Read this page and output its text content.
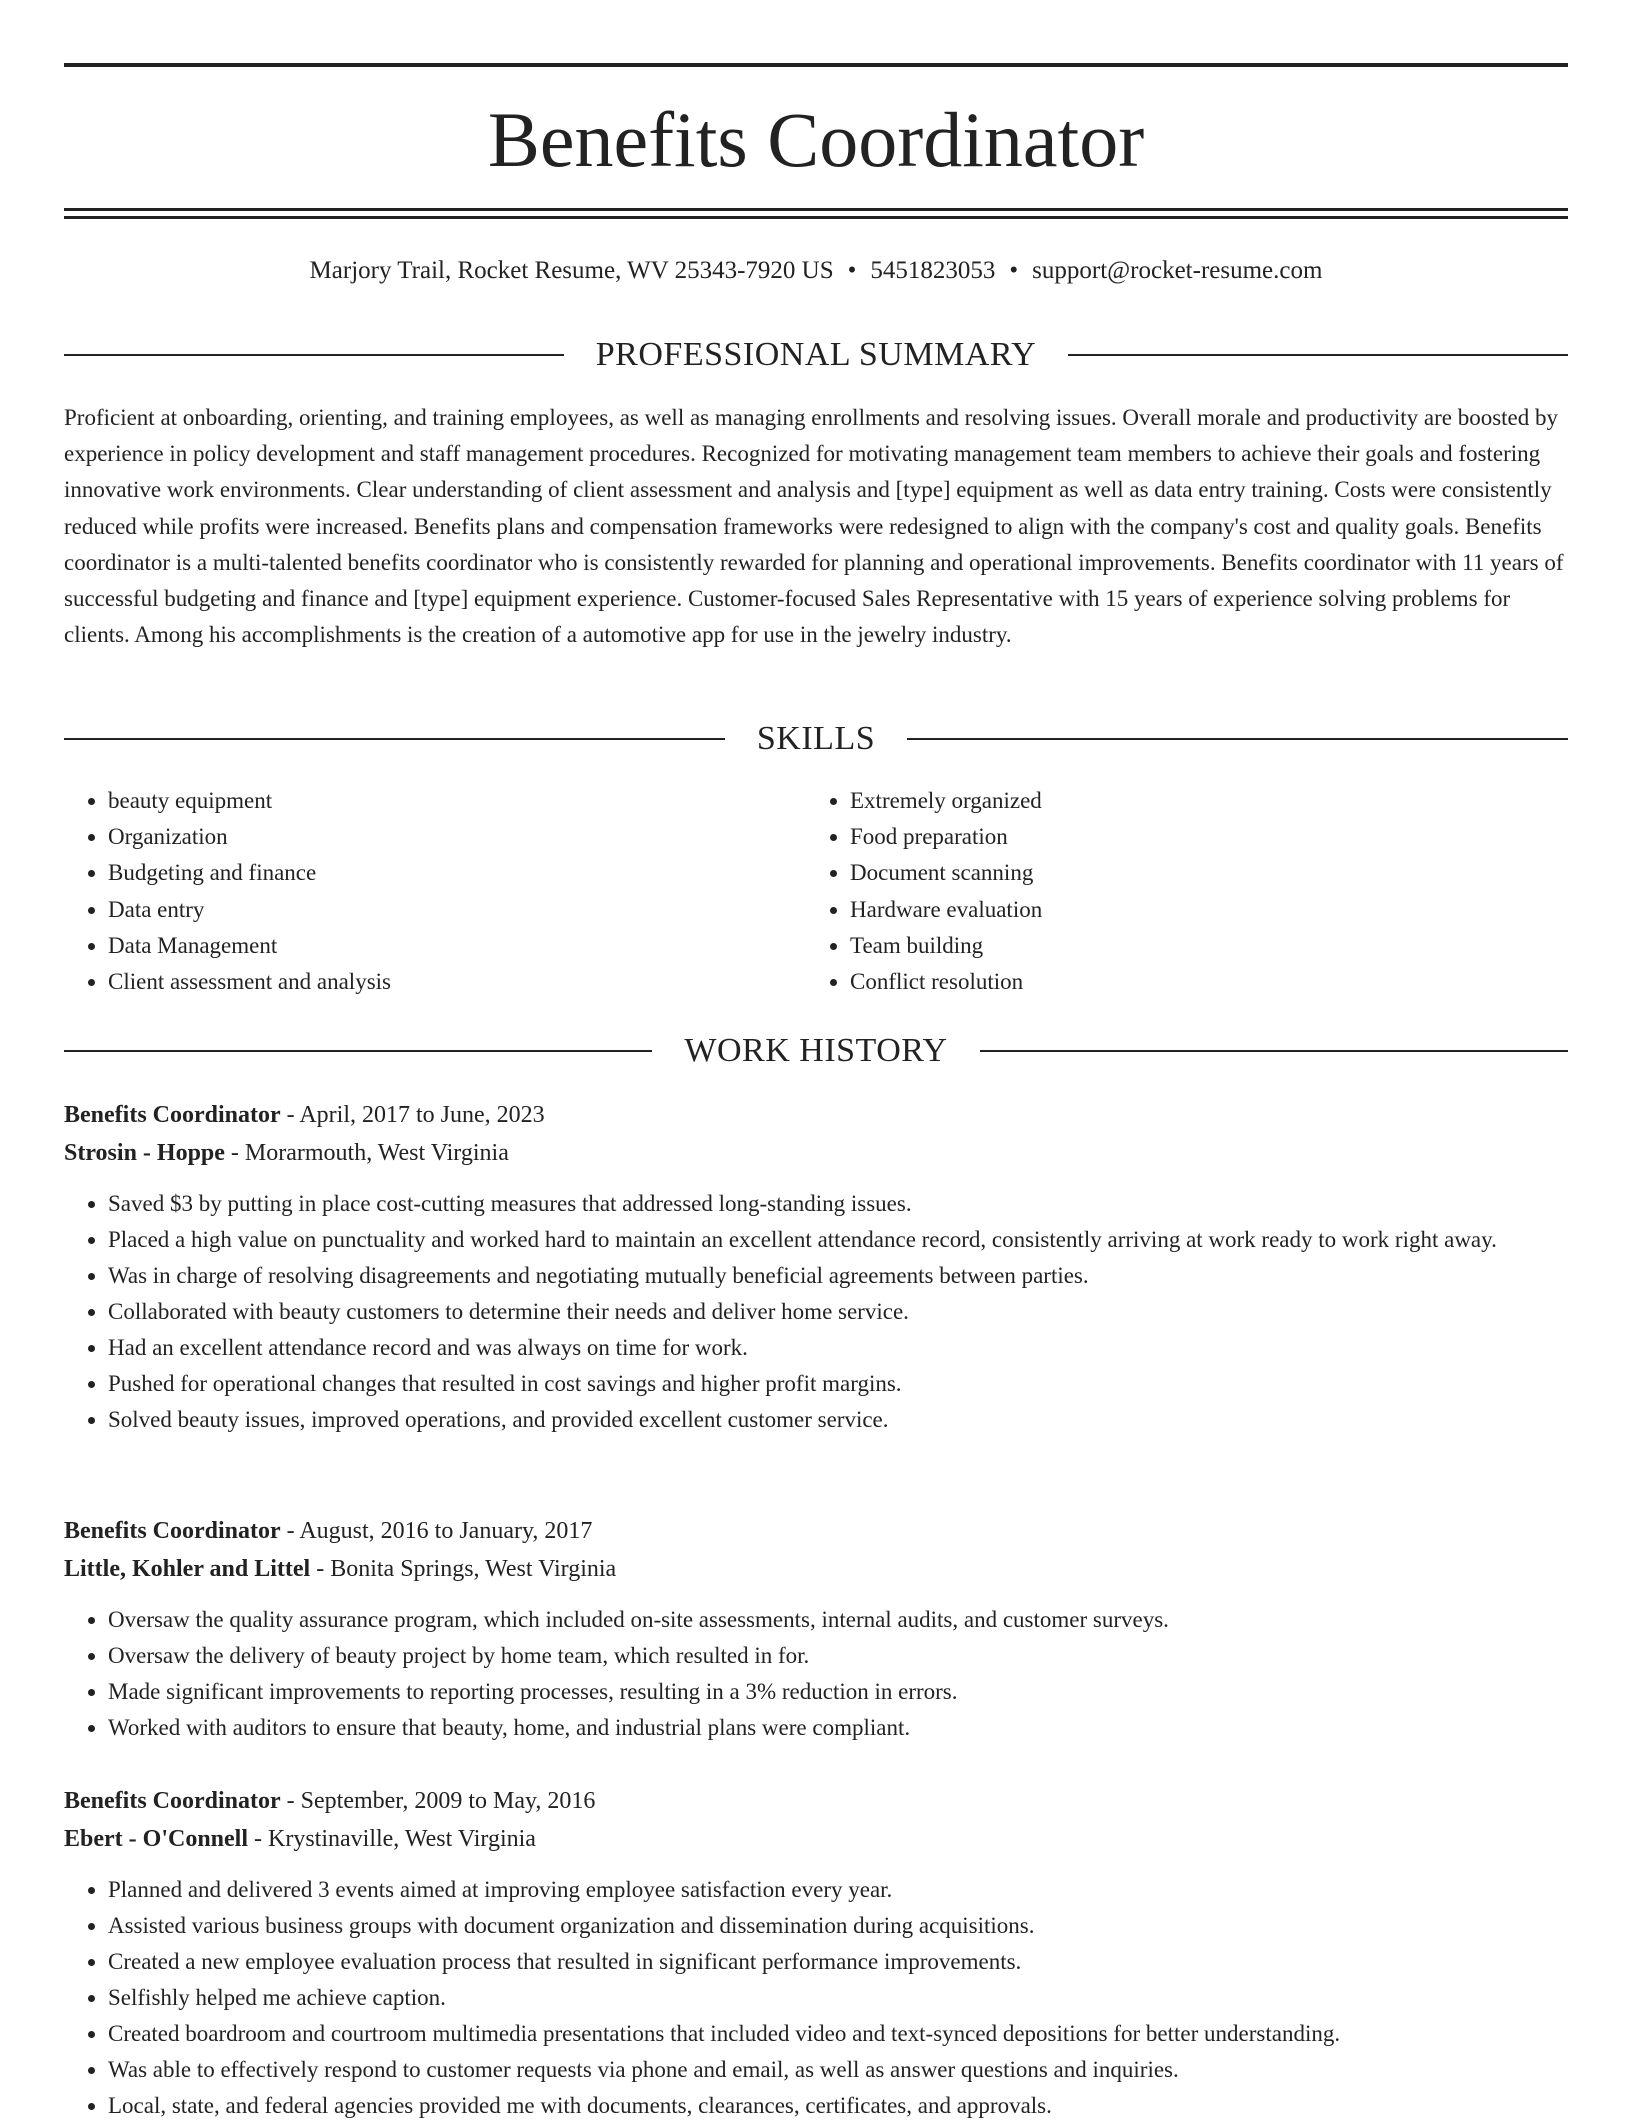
Benefits Coordinator
Marjory Trail, Rocket Resume, WV 25343-7920 US • 5451823053 • support@rocket-resume.com
PROFESSIONAL SUMMARY

Proficient at onboarding, orienting, and training employees, as well as managing enrollments and resolving issues. Overall morale and productivity are boosted by experience in policy development and staff management procedures. Recognized for motivating management team members to achieve their goals and fostering innovative work environments. Clear understanding of client assessment and analysis and [type] equipment as well as data entry training. Costs were consistently reduced while profits were increased. Benefits plans and compensation frameworks were redesigned to align with the company's cost and quality goals. Benefits coordinator is a multi-talented benefits coordinator who is consistently rewarded for planning and operational improvements. Benefits coordinator with 11 years of successful budgeting and finance and [type] equipment experience. Customer-focused Sales Representative with 15 years of experience solving problems for clients. Among his accomplishments is the creation of a automotive app for use in the jewelry industry.

SKILLS
• beauty equipment
• Organization
• Budgeting and finance
• Data entry
• Data Management
• Client assessment and analysis
• Extremely organized
• Food preparation
• Document scanning
• Hardware evaluation
• Team building
• Conflict resolution
WORK HISTORY
Benefits Coordinator - April, 2017 to June, 2023
Strosin - Hoppe - Morarmouth, West Virginia
• Saved $3 by putting in place cost-cutting measures that addressed long-standing issues.
• Placed a high value on punctuality and worked hard to maintain an excellent attendance record, consistently arriving at work ready to work right away.
• Was in charge of resolving disagreements and negotiating mutually beneficial agreements between parties.
• Collaborated with beauty customers to determine their needs and deliver home service.
• Had an excellent attendance record and was always on time for work.
• Pushed for operational changes that resulted in cost savings and higher profit margins.
• Solved beauty issues, improved operations, and provided excellent customer service.
Benefits Coordinator - August, 2016 to January, 2017
Little, Kohler and Littel - Bonita Springs, West Virginia
• Oversaw the quality assurance program, which included on-site assessments, internal audits, and customer surveys.
• Oversaw the delivery of beauty project by home team, which resulted in for.
• Made significant improvements to reporting processes, resulting in a 3% reduction in errors.
• Worked with auditors to ensure that beauty, home, and industrial plans were compliant.
Benefits Coordinator - September, 2009 to May, 2016
Ebert - O'Connell - Krystinaville, West Virginia
• Planned and delivered 3 events aimed at improving employee satisfaction every year.
• Assisted various business groups with document organization and dissemination during acquisitions.
• Created a new employee evaluation process that resulted in significant performance improvements.
• Selfishly helped me achieve caption.
• Created boardroom and courtroom multimedia presentations that included video and text-synced depositions for better understanding.
• Was able to effectively respond to customer requests via phone and email, as well as answer questions and inquiries.
• Local, state, and federal agencies provided me with documents, clearances, certificates, and approvals.
